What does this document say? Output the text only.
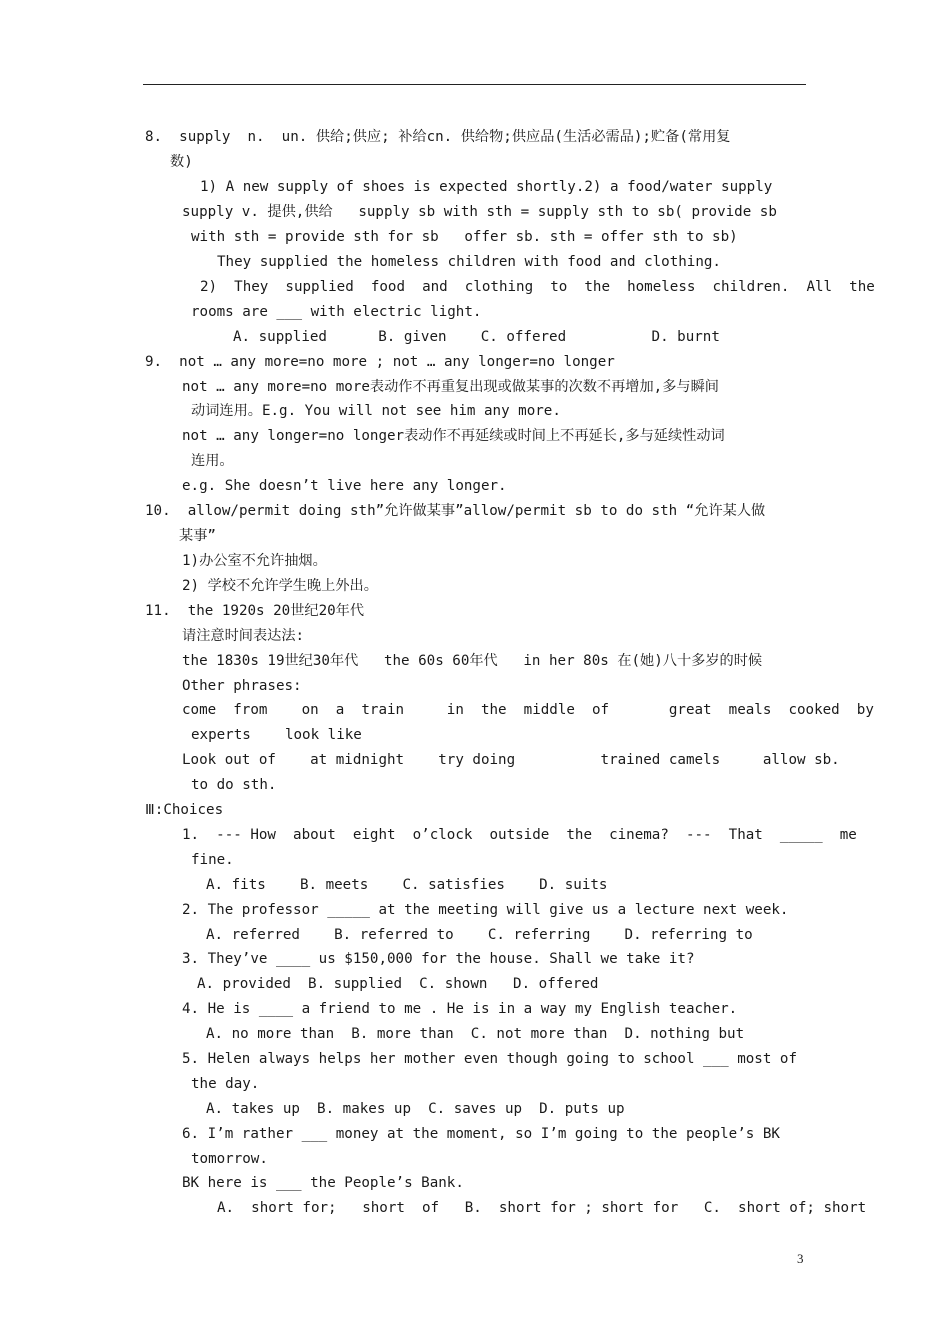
8.  supply  n.  un. 供给;供应; 补给cn. 供给物;供应品(生活必需品);贮备(常用复
数)
1) A new supply of shoes is expected shortly.2) a food/water supply
supply v. 提供,供给   supply sb with sth = supply sth to sb( provide sb
with sth = provide sth for sb   offer sb. sth = offer sth to sb)
They supplied the homeless children with food and clothing.
2)  They  supplied  food  and  clothing  to  the  homeless  children.  All  the
rooms are ___ with electric light.
A. supplied      B. given    C. offered          D. burnt
9.  not … any more=no more ; not … any longer=no longer
not … any more=no more表动作不再重复出现或做某事的次数不再增加,多与瞬间
动词连用。E.g. You will not see him any more.
not … any longer=no longer表动作不再延续或时间上不再延长,多与延续性动词
连用。
e.g. She doesn’t live here any longer.
10.  allow/permit doing sth”允许做某事”allow/permit sb to do sth “允许某人做
某事”
1)办公室不允许抽烟。
2) 学校不允许学生晚上外出。
11.  the 1920s 20世纪20年代
请注意时间表达法:
the 1830s 19世纪30年代   the 60s 60年代   in her 80s 在(她)八十多岁的时候
Other phrases:
come  from    on  a  train     in  the  middle  of       great  meals  cooked  by
experts    look like
Look out of    at midnight    try doing          trained camels     allow sb.
to do sth.
Ⅲ:Choices
1.  --- How  about  eight  o’clock  outside  the  cinema?  ---  That  _____  me
fine.
A. fits    B. meets    C. satisfies    D. suits
2. The professor _____ at the meeting will give us a lecture next week.
A. referred    B. referred to    C. referring    D. referring to
3. They’ve ____ us $150,000 for the house. Shall we take it?
A. provided  B. supplied  C. shown   D. offered
4. He is ____ a friend to me . He is in a way my English teacher.
A. no more than  B. more than  C. not more than  D. nothing but
5. Helen always helps her mother even though going to school ___ most of
the day.
A. takes up  B. makes up  C. saves up  D. puts up
6. I’m rather ___ money at the moment, so I’m going to the people’s BK
tomorrow.
BK here is ___ the People’s Bank.
A.  short for;   short  of   B.  short for ; short for   C.  short of; short
3
